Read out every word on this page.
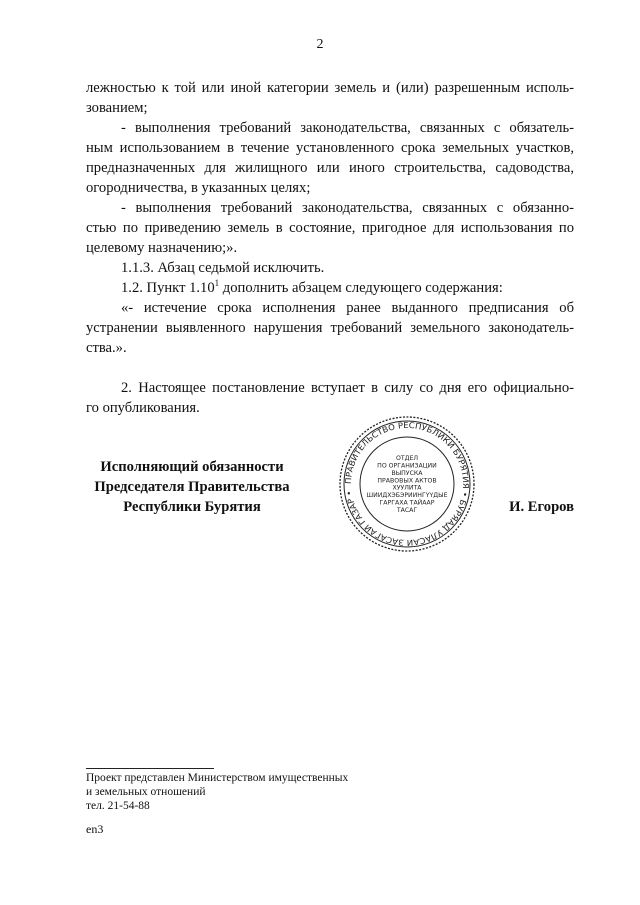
2
лежностью к той или иной категории земель и (или) разрешенным исполь-
зованием;
- выполнения требований законодательства, связанных с обязатель-
ным использованием в течение установленного срока земельных участков,
предназначенных для жилищного или иного строительства, садоводства,
огородничества, в указанных целях;
- выполнения требований законодательства, связанных с обязанно-
стью по приведению земель в состояние, пригодное для использования по
целевому назначению;».
1.1.3. Абзац седьмой исключить.
1.2. Пункт 1.10$^1$ дополнить абзацем следующего содержания:
«- истечение срока исполнения ранее выданного предписания об
устранении выявленного нарушения требований земельного законодатель-
ства.».
2. Настоящее постановление вступает в силу со дня его официально-
го опубликования.
Исполняющий обязанности
Председателя Правительства
Республики Бурятия	И. Егоров
ПРАВИТЕЛЬСТВО РЕСПУБЛИКИ БУРЯТИЯ • БУРЯАД УЛАСАЙ ЗАСАГАЙ ГАЗАР •
ОТДЕЛ
ПО ОРГАНИЗАЦИИ
ВЫПУСКА
ПРАВОВЫХ АКТОВ
ХУУЛИТА
ШИИДХЭБЭРИИНГҮҮДЫЕ
ГАРГАХА ТАЙААР
ТАСАГ
Проект представлен Министерством имущественных
и земельных отношений
тел. 21-54-88
en3
